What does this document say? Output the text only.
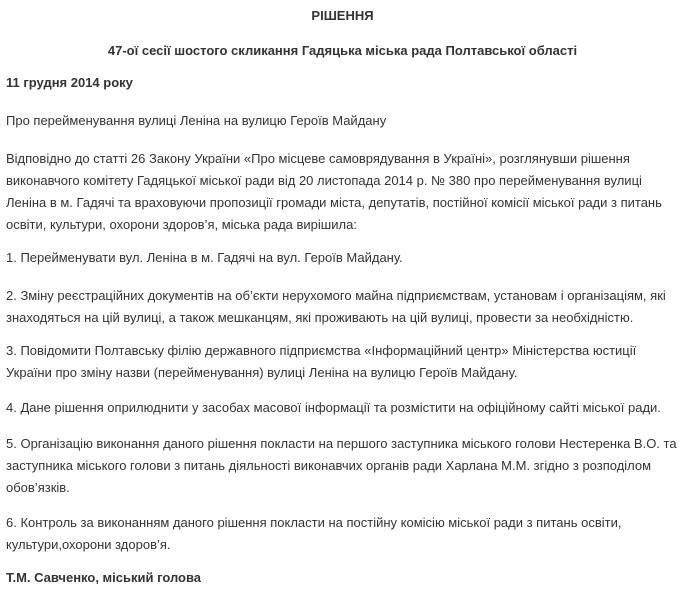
РІШЕННЯ
47-ої сесії шостого скликання Гадяцька міська рада Полтавської області

11 грудня 2014 року

Про перейменування вулиці Леніна на вулицю Героїв Майдану

Відповідно до статті 26 Закону України «Про місцеве самоврядування в Україні», розглянувши рішення виконавчого комітету Гадяцької міської ради від 20 листопада 2014 р. № 380 про перейменування вулиці Леніна в м. Гадячі та враховуючи пропозиції громади міста, депутатів, постійної комісії міської ради з питань освіти, культури, охорони здоров’я, міська рада вирішила:

1. Перейменувати вул. Леніна в м. Гадячі на вул. Героїв Майдану.

2. Зміну реєстраційних документів на об’єкти нерухомого майна підприємствам, установам і організаціям, які знаходяться на цій вулиці, а також мешканцям, які проживають на цій вулиці, провести за необхідністю.

3. Повідомити Полтавську філію державного підприємства «Інформаційний центр» Міністерства юстиції України про зміну назви (перейменування) вулиці Леніна на вулицю Героїв Майдану.

4. Дане рішення оприлюднити у засобах масової інформації та розмістити на офіційному сайті міської ради.

5. Організацію виконання даного рішення покласти на першого заступника міського голови Нестеренка В.О. та заступника міського голови з питань діяльності виконавчих органів ради Харлана М.М. згідно з розподілом обов’язків.

6. Контроль за виконанням даного рішення покласти на постійну комісію міської ради з питань освіти, культури,охорони здоров’я.

Т.М. Савченко, міський голова
